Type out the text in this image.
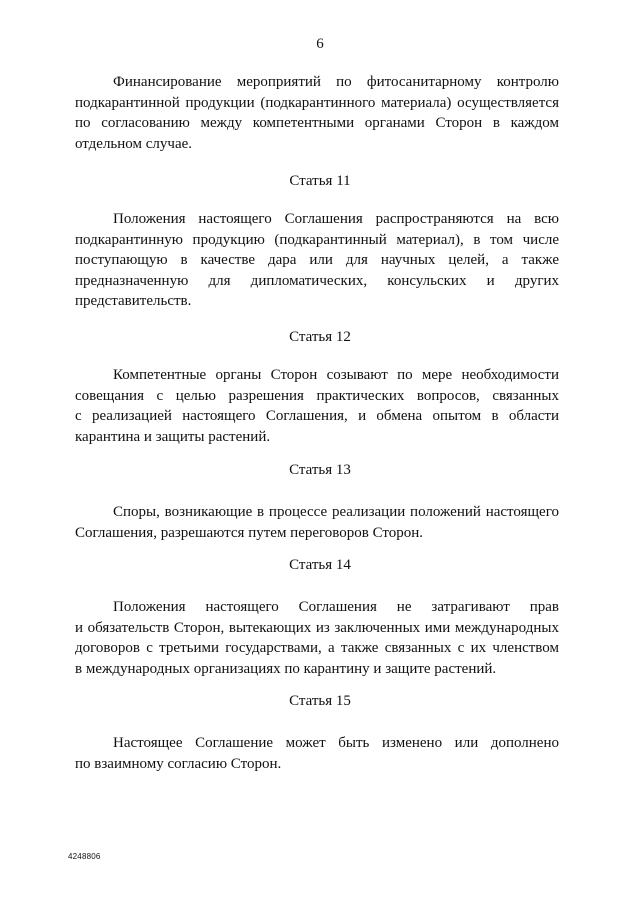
6
Финансирование мероприятий по фитосанитарному контролю
подкарантинной продукции (подкарантинного материала) осуществляется
по согласованию между компетентными органами Сторон в каждом
отдельном случае.
Статья 11
Положения настоящего Соглашения распространяются на всю
подкарантинную продукцию (подкарантинный материал), в том числе
поступающую в качестве дара или для научных целей, а также
предназначенную для дипломатических, консульских и других
представительств.
Статья 12
Компетентные органы Сторон созывают по мере необходимости
совещания с целью разрешения практических вопросов, связанных
с реализацией настоящего Соглашения, и обмена опытом в области
карантина и защиты растений.
Статья 13
Споры, возникающие в процессе реализации положений настоящего
Соглашения, разрешаются путем переговоров Сторон.
Статья 14
Положения настоящего Соглашения не затрагивают прав
и обязательств Сторон, вытекающих из заключенных ими международных
договоров с третьими государствами, а также связанных с их членством
в международных организациях по карантину и защите растений.
Статья 15
Настоящее Соглашение может быть изменено или дополнено
по взаимному согласию Сторон.
4248806
